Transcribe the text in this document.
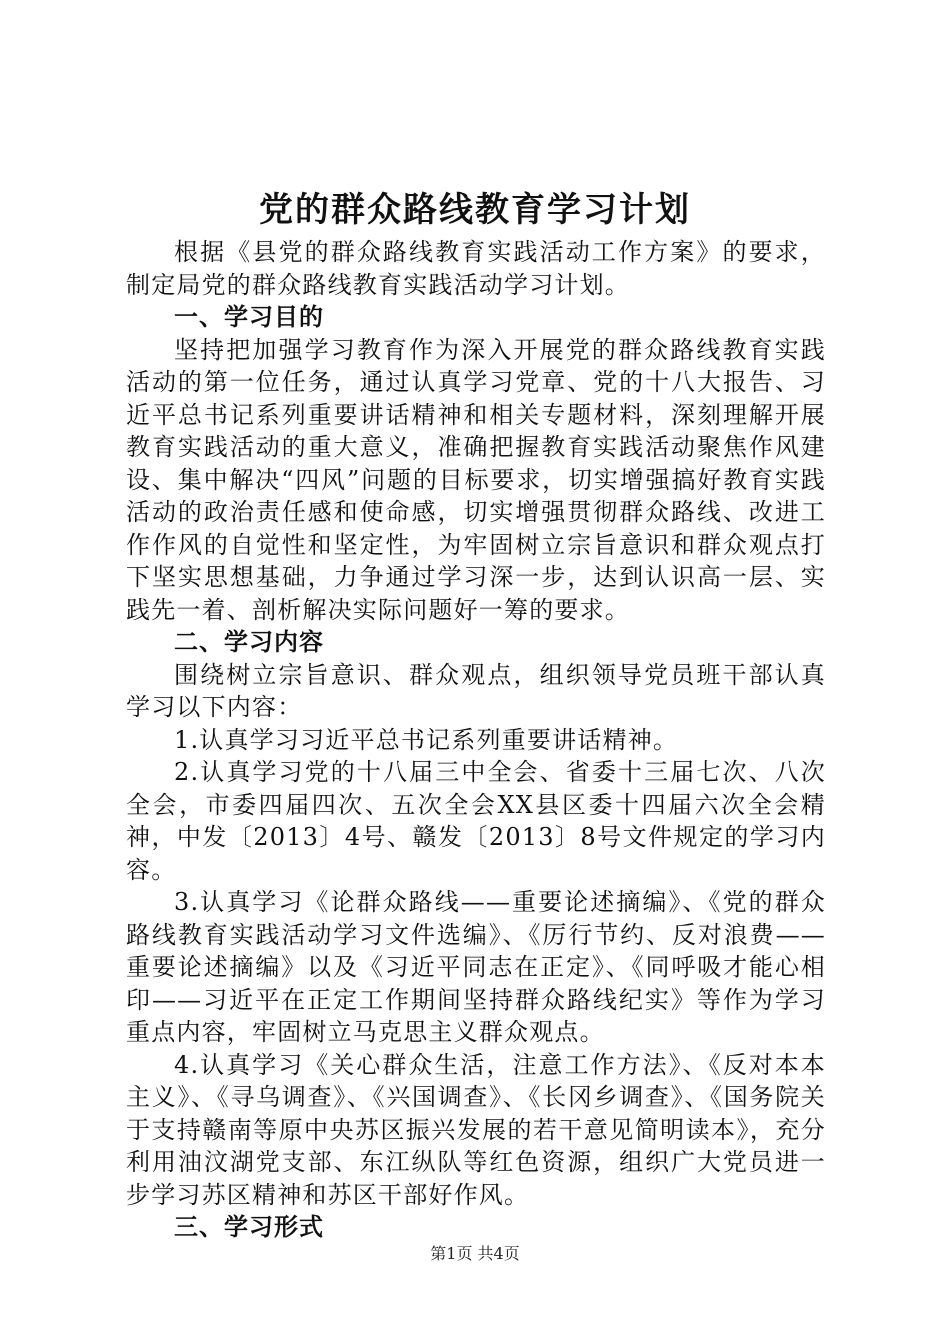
党的群众路线教育学习计划

根据《县党的群众路线教育实践活动工作方案》的要求，制定局党的群众路线教育实践活动学习计划。

一、学习目的

坚持把加强学习教育作为深入开展党的群众路线教育实践活动的第一位任务，通过认真学习党章、党的十八大报告、习近平总书记系列重要讲话精神和相关专题材料，深刻理解开展教育实践活动的重大意义，准确把握教育实践活动聚焦作风建设、集中解决“四风”问题的目标要求，切实增强搞好教育实践活动的政治责任感和使命感，切实增强贯彻群众路线、改进工作作风的自觉性和坚定性，为牢固树立宗旨意识和群众观点打下坚实思想基础，力争通过学习深一步，达到认识高一层、实践先一着、剖析解决实际问题好一筹的要求。

二、学习内容

围绕树立宗旨意识、群众观点，组织领导党员班干部认真学习以下内容：

1.认真学习习近平总书记系列重要讲话精神。

2.认真学习党的十八届三中全会、省委十三届七次、八次全会，市委四届四次、五次全会XX县区委十四届六次全会精神，中发〔2013〕4号、赣发〔2013〕8号文件规定的学习内容。

3.认真学习《论群众路线——重要论述摘编》、《党的群众路线教育实践活动学习文件选编》、《厉行节约、反对浪费——重要论述摘编》以及《习近平同志在正定》、《同呼吸才能心相印——习近平在正定工作期间坚持群众路线纪实》等作为学习重点内容，牢固树立马克思主义群众观点。

4.认真学习《关心群众生活，注意工作方法》、《反对本本主义》、《寻乌调查》、《兴国调查》、《长冈乡调查》、《国务院关于支持赣南等原中央苏区振兴发展的若干意见简明读本》，充分利用油汶湖党支部、东江纵队等红色资源，组织广大党员进一步学习苏区精神和苏区干部好作风。

三、学习形式

第1页 共4页
